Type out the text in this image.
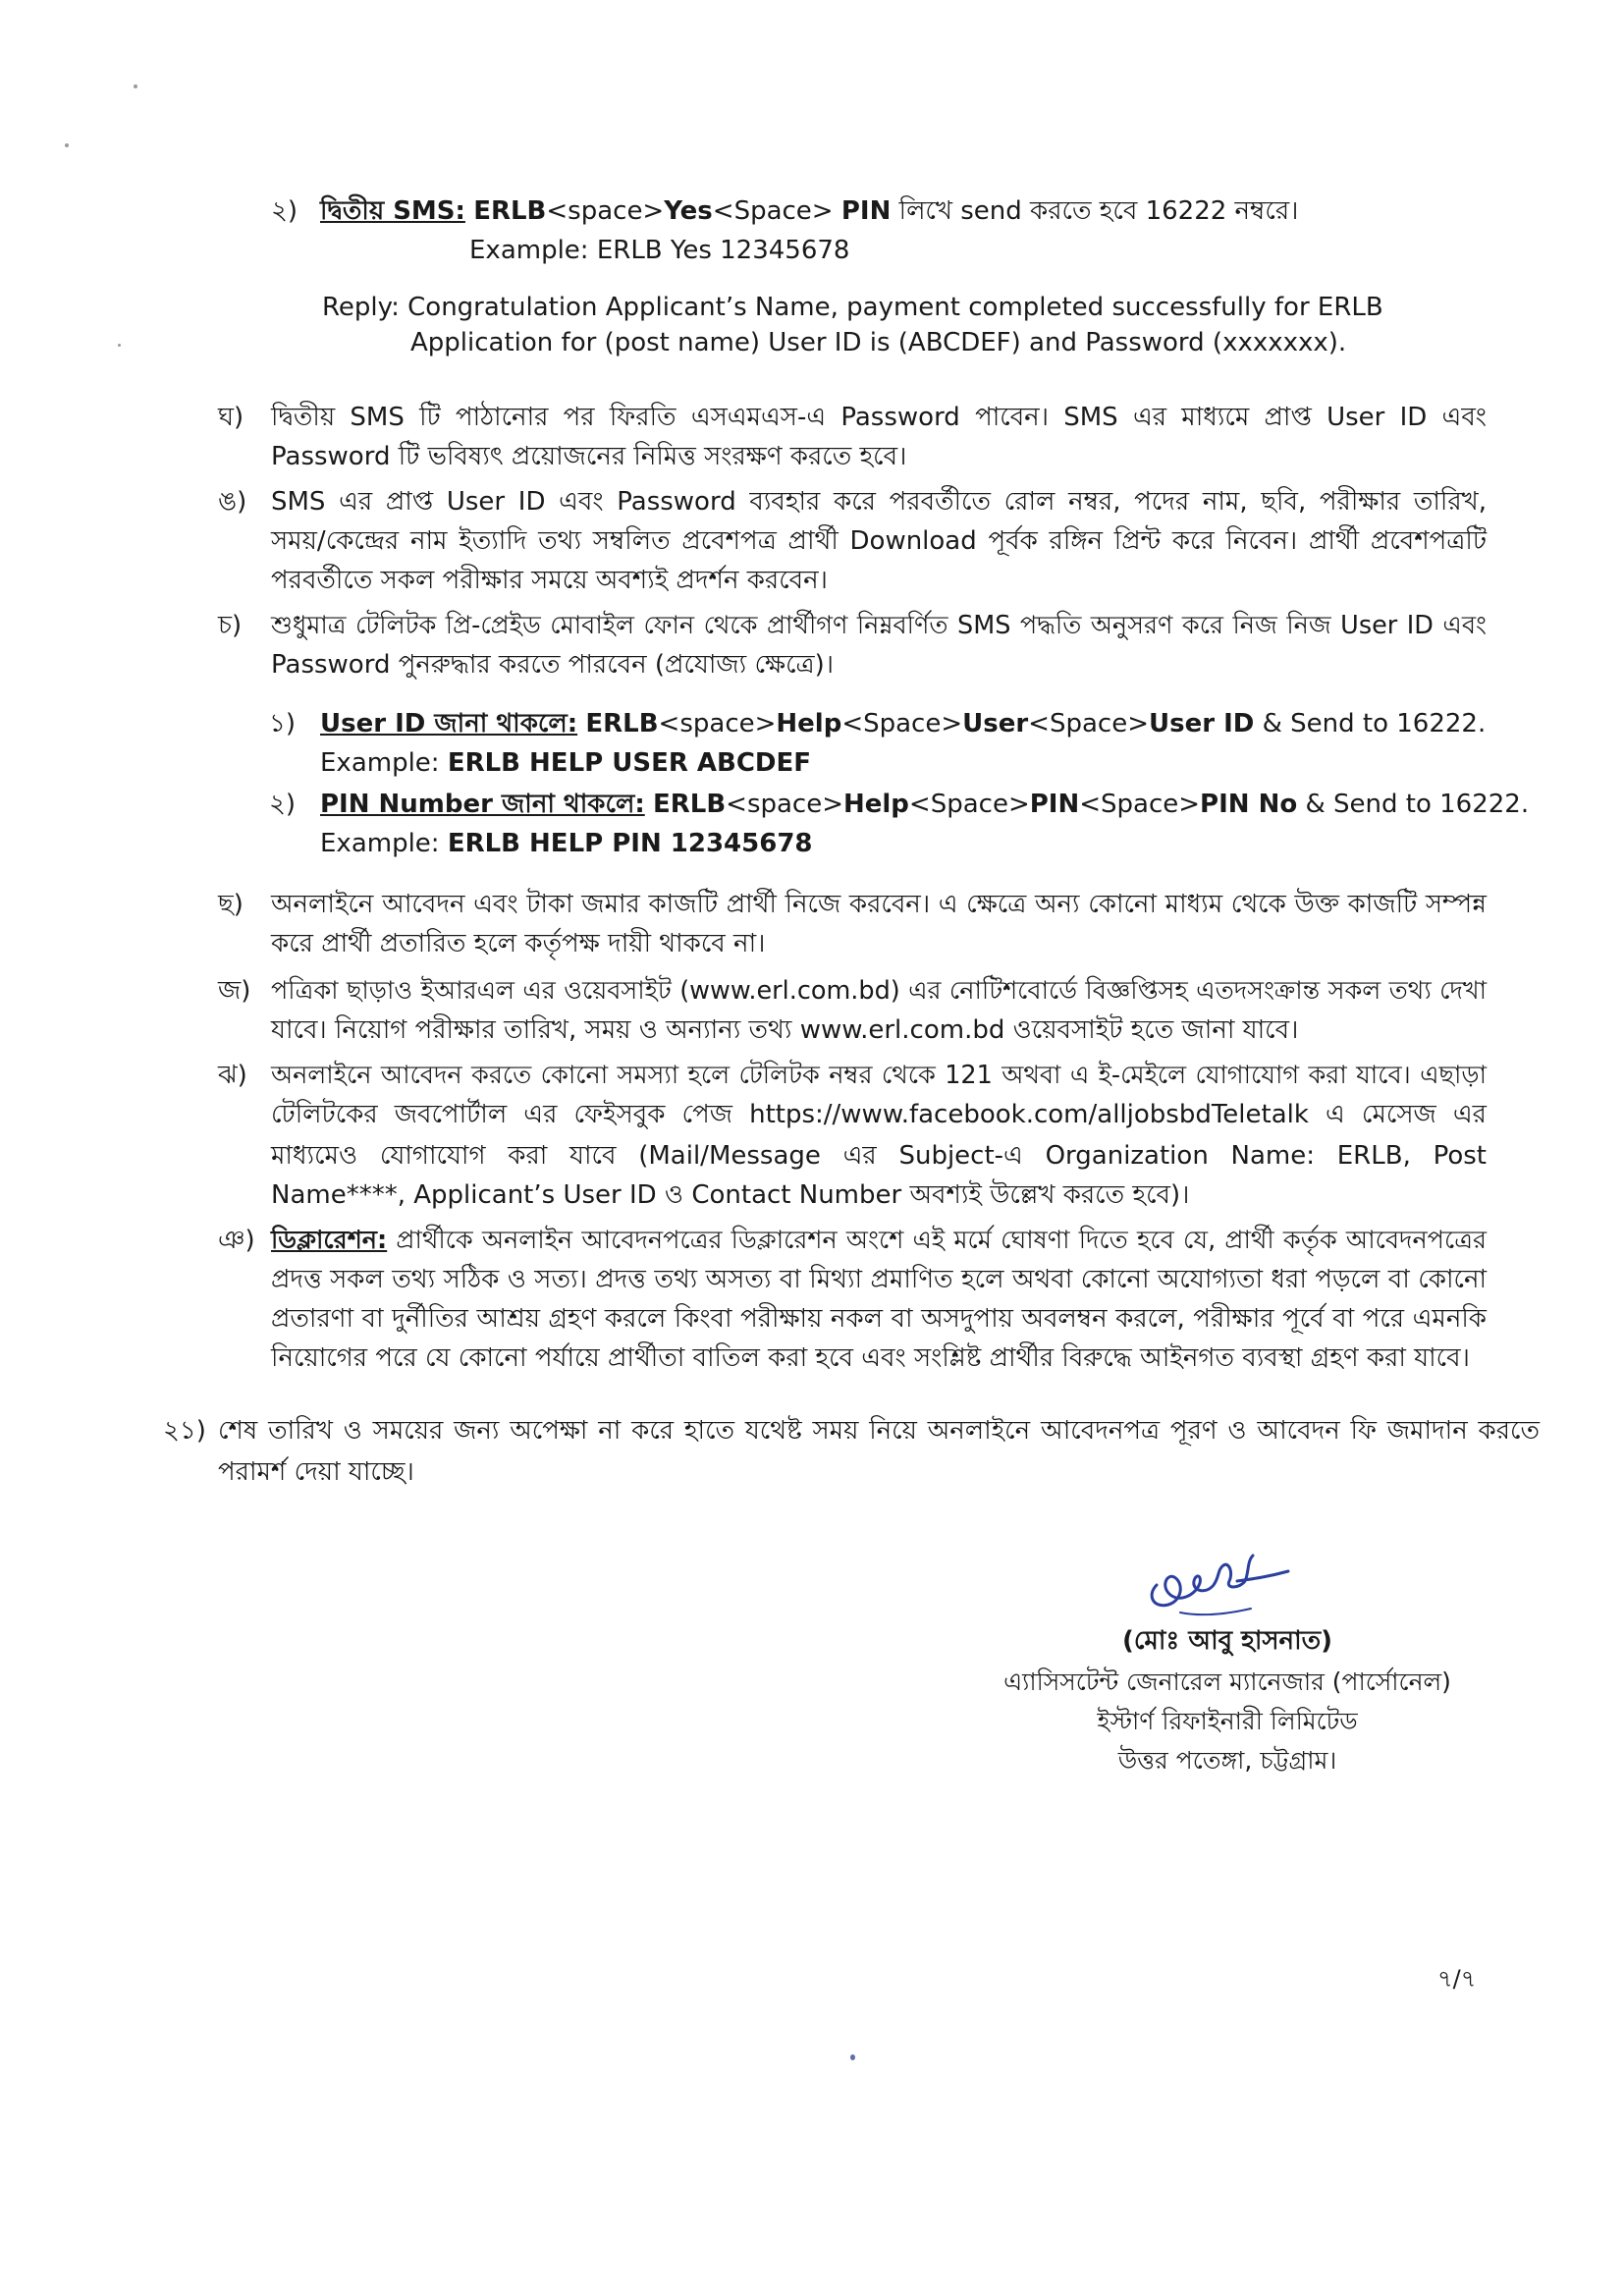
২) দ্বিতীয় SMS: ERLB<space>Yes<Space> PIN লিখে send করতে হবে 16222 নম্বরে।
Example: ERLB Yes 12345678
Reply: Congratulation Applicant’s Name, payment completed successfully for ERLB
Application for (post name) User ID is (ABCDEF) and Password (xxxxxxx).
ঘ) দ্বিতীয় SMS টি পাঠানোর পর ফিরতি এসএমএস-এ Password পাবেন। SMS এর মাধ্যমে প্রাপ্ত User ID এবং
Password টি ভবিষ্যৎ প্রয়োজনের নিমিত্ত সংরক্ষণ করতে হবে।
ঙ) SMS এর প্রাপ্ত User ID এবং Password ব্যবহার করে পরবর্তীতে রোল নম্বর, পদের নাম, ছবি, পরীক্ষার তারিখ,
সময়/কেন্দ্রের নাম ইত্যাদি তথ্য সম্বলিত প্রবেশপত্র প্রার্থী Download পূর্বক রঙ্গিন প্রিন্ট করে নিবেন। প্রার্থী প্রবেশপত্রটি
পরবর্তীতে সকল পরীক্ষার সময়ে অবশ্যই প্রদর্শন করবেন।
চ) শুধুমাত্র টেলিটক প্রি-প্রেইড মোবাইল ফোন থেকে প্রার্থীগণ নিম্নবর্ণিত SMS পদ্ধতি অনুসরণ করে নিজ নিজ User ID এবং
Password পুনরুদ্ধার করতে পারবেন (প্রযোজ্য ক্ষেত্রে)।
১) User ID জানা থাকলে: ERLB<space>Help<Space>User<Space>User ID & Send to 16222.
Example: ERLB HELP USER ABCDEF
২) PIN Number জানা থাকলে: ERLB<space>Help<Space>PIN<Space>PIN No & Send to 16222.
Example: ERLB HELP PIN 12345678
ছ) অনলাইনে আবেদন এবং টাকা জমার কাজটি প্রার্থী নিজে করবেন। এ ক্ষেত্রে অন্য কোনো মাধ্যম থেকে উক্ত কাজটি সম্পন্ন
করে প্রার্থী প্রতারিত হলে কর্তৃপক্ষ দায়ী থাকবে না।
জ) পত্রিকা ছাড়াও ইআরএল এর ওয়েবসাইট (www.erl.com.bd) এর নোটিশবোর্ডে বিজ্ঞপ্তিসহ এতদসংক্রান্ত সকল তথ্য দেখা
যাবে। নিয়োগ পরীক্ষার তারিখ, সময় ও অন্যান্য তথ্য www.erl.com.bd ওয়েবসাইট হতে জানা যাবে।
ঝ) অনলাইনে আবেদন করতে কোনো সমস্যা হলে টেলিটক নম্বর থেকে 121 অথবা এ ই-মেইলে যোগাযোগ করা যাবে। এছাড়া
টেলিটকের জবপোর্টাল এর ফেইসবুক পেজ https://www.facebook.com/alljobsbdTeletalk এ মেসেজ এর
মাধ্যমেও যোগাযোগ করা যাবে (Mail/Message এর Subject-এ Organization Name: ERLB, Post
Name****, Applicant’s User ID ও Contact Number অবশ্যই উল্লেখ করতে হবে)।
ঞ) ডিক্লারেশন: প্রার্থীকে অনলাইন আবেদনপত্রের ডিক্লারেশন অংশে এই মর্মে ঘোষণা দিতে হবে যে, প্রার্থী কর্তৃক আবেদনপত্রের
প্রদত্ত সকল তথ্য সঠিক ও সত্য। প্রদত্ত তথ্য অসত্য বা মিথ্যা প্রমাণিত হলে অথবা কোনো অযোগ্যতা ধরা পড়লে বা কোনো
প্রতারণা বা দুর্নীতির আশ্রয় গ্রহণ করলে কিংবা পরীক্ষায় নকল বা অসদুপায় অবলম্বন করলে, পরীক্ষার পূর্বে বা পরে এমনকি
নিয়োগের পরে যে কোনো পর্যায়ে প্রার্থীতা বাতিল করা হবে এবং সংশ্লিষ্ট প্রার্থীর বিরুদ্ধে আইনগত ব্যবস্থা গ্রহণ করা যাবে।
২১) শেষ তারিখ ও সময়ের জন্য অপেক্ষা না করে হাতে যথেষ্ট সময় নিয়ে অনলাইনে আবেদনপত্র পূরণ ও আবেদন ফি জমাদান করতে
পরামর্শ দেয়া যাচ্ছে।
(মোঃ আবু হাসনাত)
এ্যাসিসটেন্ট জেনারেল ম্যানেজার (পার্সোনেল)
ইস্টার্ণ রিফাইনারী লিমিটেড
উত্তর পতেঙ্গা, চট্টগ্রাম।
৭/৭
